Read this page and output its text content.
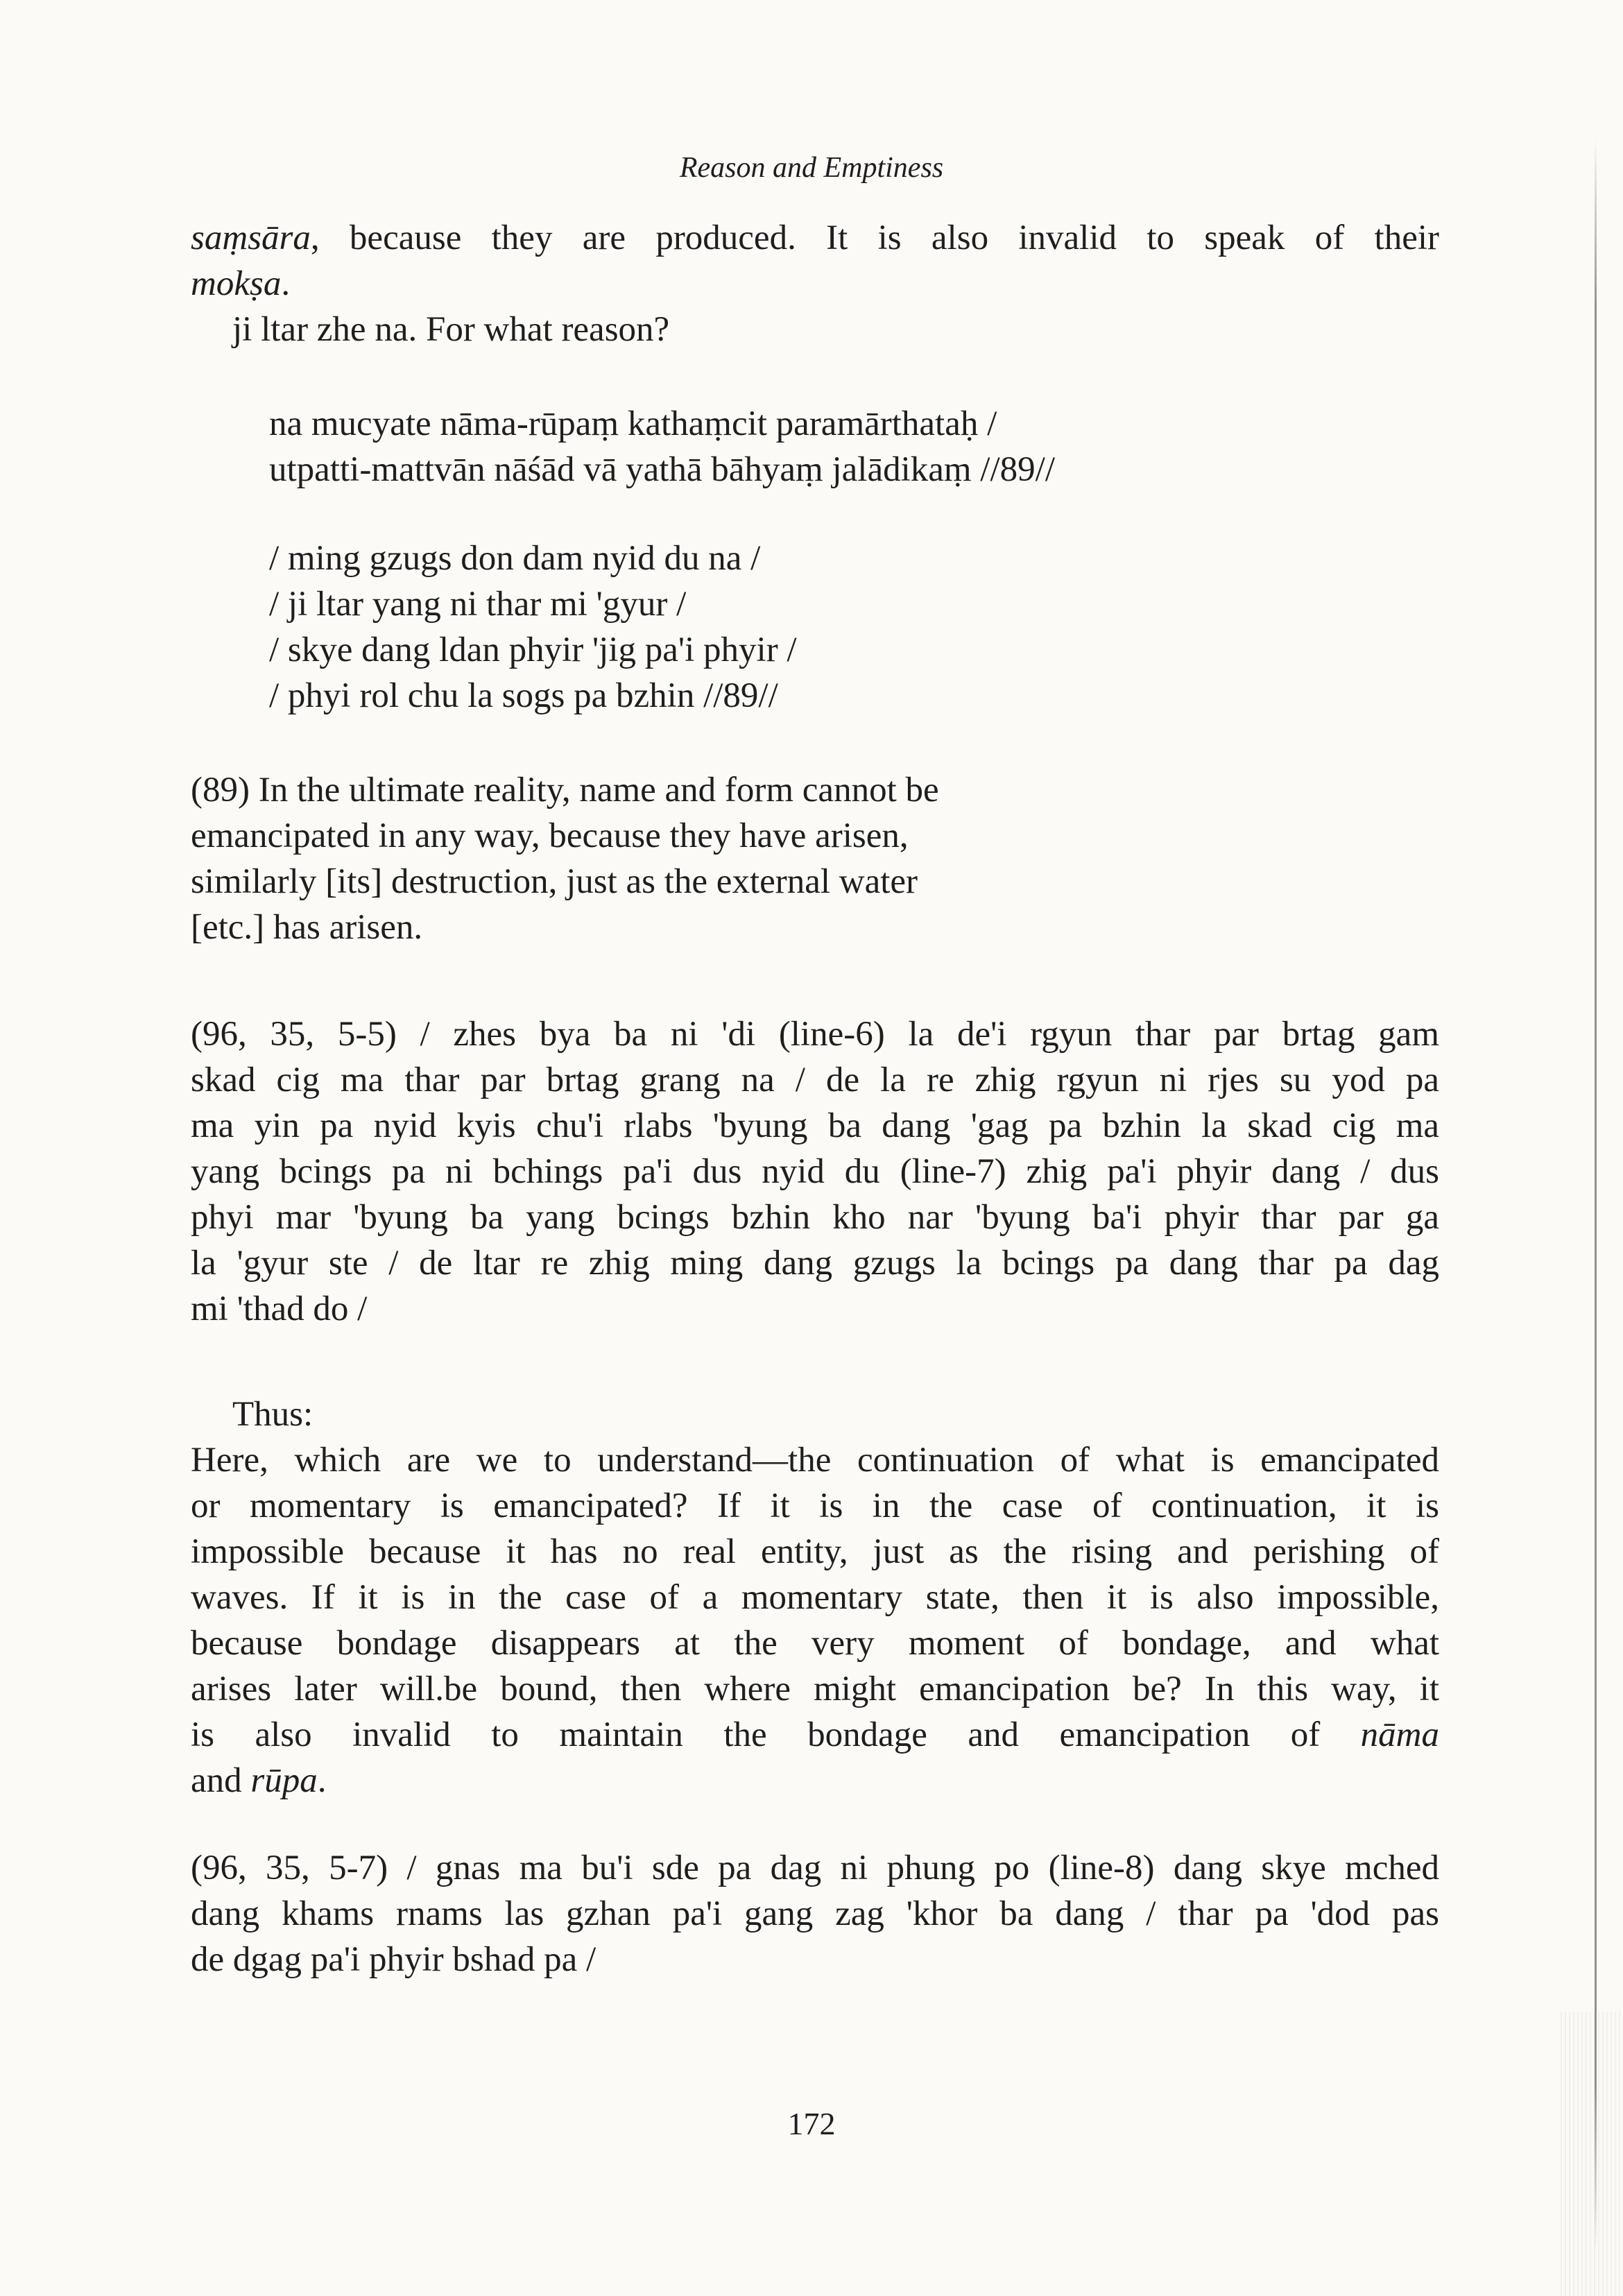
Reason and Emptiness
saṃsāra, because they are produced. It is also invalid to speak of their
mokṣa.
ji ltar zhe na. For what reason?
na mucyate nāma-rūpaṃ kathaṃcit paramārthataḥ /
utpatti-mattvān nāśād vā yathā bāhyaṃ jalādikaṃ //89//
/ ming gzugs don dam nyid du na /
/ ji ltar yang ni thar mi 'gyur /
/ skye dang ldan phyir 'jig pa'i phyir /
/ phyi rol chu la sogs pa bzhin //89//
(89) In the ultimate reality, name and form cannot be
emancipated in any way, because they have arisen,
similarly [its] destruction, just as the external water
[etc.] has arisen.
(96, 35, 5-5) / zhes bya ba ni 'di (line-6) la de'i rgyun thar par brtag gam
skad cig ma thar par brtag grang na / de la re zhig rgyun ni rjes su yod pa
ma yin pa nyid kyis chu'i rlabs 'byung ba dang 'gag pa bzhin la skad cig ma
yang bcings pa ni bchings pa'i dus nyid du (line-7) zhig pa'i phyir dang / dus
phyi mar 'byung ba yang bcings bzhin kho nar 'byung ba'i phyir thar par ga
la 'gyur ste / de ltar re zhig ming dang gzugs la bcings pa dang thar pa dag
mi 'thad do /
Thus:
Here, which are we to understand—the continuation of what is emancipated
or momentary is emancipated? If it is in the case of continuation, it is
impossible because it has no real entity, just as the rising and perishing of
waves. If it is in the case of a momentary state, then it is also impossible,
because bondage disappears at the very moment of bondage, and what
arises later will.be bound, then where might emancipation be? In this way, it
is also invalid to maintain the bondage and emancipation of nāma
and rūpa.
(96, 35, 5-7) / gnas ma bu'i sde pa dag ni phung po (line-8) dang skye mched
dang khams rnams las gzhan pa'i gang zag 'khor ba dang / thar pa 'dod pas
de dgag pa'i phyir bshad pa /
172
